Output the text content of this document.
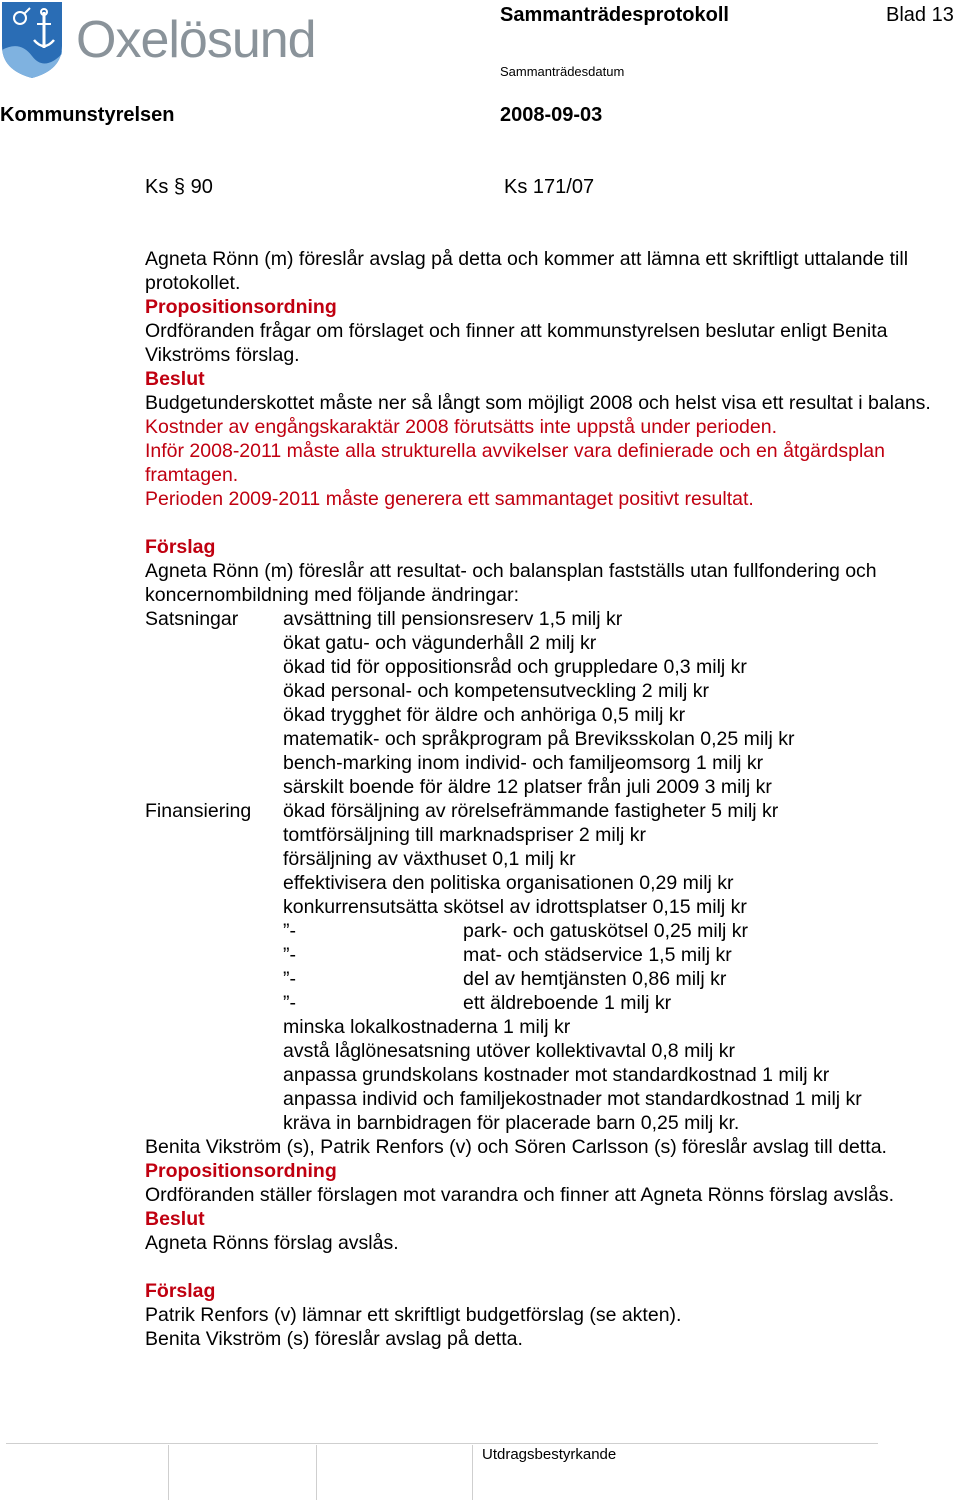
Oxelösund	Sammanträdesprotokoll	Blad 13
Sammanträdesdatum
Kommunstyrelsen	2008-09-03
Ks § 90	Ks 171/07

Agneta Rönn (m) föreslår avslag på detta och kommer att lämna ett skriftligt uttalande till protokollet.

Propositionsordning

Ordföranden frågar om förslaget och finner att kommunstyrelsen beslutar enligt Benita Vikströms förslag.

Beslut

Budgetunderskottet måste ner så långt som möjligt 2008 och helst visa ett resultat i balans.

Kostnder av engångskaraktär 2008 förutsätts inte uppstå under perioden.

Inför 2008-2011 måste alla strukturella avvikelser vara definierade och en åtgärdsplan framtagen.

Perioden 2009-2011 måste generera ett sammantaget positivt resultat.

Förslag

Agneta Rönn (m) föreslår att resultat- och balansplan fastställs utan fullfondering och koncernombildning med följande ändringar:

Satsningar	avsättning till pensionsreserv 1,5 milj kr
ökat gatu- och vägunderhåll 2 milj kr
ökad tid för oppositionsråd och gruppledare 0,3 milj kr
ökad personal- och kompetensutveckling 2 milj kr
ökad trygghet för äldre och anhöriga 0,5 milj kr
matematik- och språkprogram på Breviksskolan 0,25 milj kr
bench-marking inom individ- och familjeomsorg 1 milj kr
särskilt boende för äldre 12 platser från juli 2009 3 milj kr
Finansiering	ökad försäljning av rörelsefrämmande fastigheter 5 milj kr
tomtförsäljning till marknadspriser 2 milj kr
försäljning av växthuset 0,1 milj kr
effektivisera den politiska organisationen 0,29 milj kr
konkurrensutsätta skötsel av idrottsplatser 0,15 milj kr
”-	park- och gatuskötsel 0,25 milj kr
”-	mat- och städservice 1,5 milj kr
”-	del av hemtjänsten 0,86 milj kr
”-	ett äldreboende 1 milj kr
minska lokalkostnaderna 1 milj kr
avstå låglönesatsning utöver kollektivavtal 0,8 milj kr
anpassa grundskolans kostnader mot standardkostnad 1 milj kr
anpassa individ och familjekostnader mot standardkostnad 1 milj kr
kräva in barnbidragen för placerade barn 0,25 milj kr.

Benita Vikström (s), Patrik Renfors (v) och Sören Carlsson (s) föreslår avslag till detta.

Propositionsordning

Ordföranden ställer förslagen mot varandra och finner att Agneta Rönns förslag avslås.

Beslut

Agneta Rönns förslag avslås.

Förslag

Patrik Renfors (v) lämnar ett skriftligt budgetförslag (se akten).

Benita Vikström (s) föreslår avslag på detta.

Utdragsbestyrkande
